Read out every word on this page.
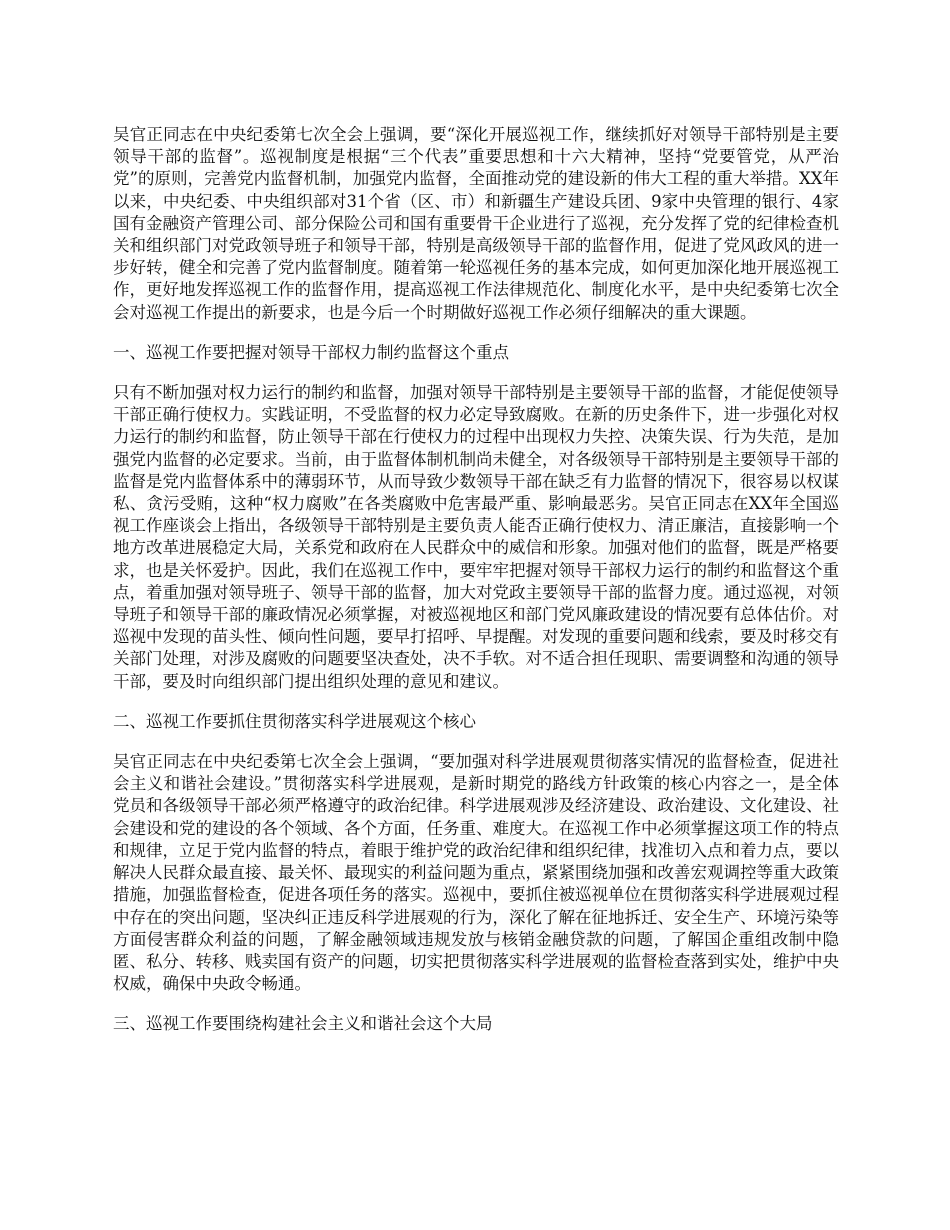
吴官正同志在中央纪委第七次全会上强调，要“深化开展巡视工作，继续抓好对领导干部特别是主要领导干部的监督”。巡视制度是根据“三个代表”重要思想和十六大精神，坚持“党要管党，从严治党”的原则，完善党内监督机制，加强党内监督，全面推动党的建设新的伟大工程的重大举措。XX年以来，中央纪委、中央组织部对31个省（区、市）和新疆生产建设兵团、9家中央管理的银行、4家国有金融资产管理公司、部分保险公司和国有重要骨干企业进行了巡视，充分发挥了党的纪律检查机关和组织部门对党政领导班子和领导干部，特别是高级领导干部的监督作用，促进了党风政风的进一步好转，健全和完善了党内监督制度。随着第一轮巡视任务的基本完成，如何更加深化地开展巡视工作，更好地发挥巡视工作的监督作用，提高巡视工作法律规范化、制度化水平，是中央纪委第七次全会对巡视工作提出的新要求，也是今后一个时期做好巡视工作必须仔细解决的重大课题。

一、巡视工作要把握对领导干部权力制约监督这个重点

只有不断加强对权力运行的制约和监督，加强对领导干部特别是主要领导干部的监督，才能促使领导干部正确行使权力。实践证明，不受监督的权力必定导致腐败。在新的历史条件下，进一步强化对权力运行的制约和监督，防止领导干部在行使权力的过程中出现权力失控、决策失误、行为失范，是加强党内监督的必定要求。当前，由于监督体制机制尚未健全，对各级领导干部特别是主要领导干部的监督是党内监督体系中的薄弱环节，从而导致少数领导干部在缺乏有力监督的情况下，很容易以权谋私、贪污受贿，这种“权力腐败”在各类腐败中危害最严重、影响最恶劣。吴官正同志在XX年全国巡视工作座谈会上指出，各级领导干部特别是主要负责人能否正确行使权力、清正廉洁，直接影响一个地方改革进展稳定大局，关系党和政府在人民群众中的威信和形象。加强对他们的监督，既是严格要求，也是关怀爱护。因此，我们在巡视工作中，要牢牢把握对领导干部权力运行的制约和监督这个重点，着重加强对领导班子、领导干部的监督，加大对党政主要领导干部的监督力度。通过巡视，对领导班子和领导干部的廉政情况必须掌握，对被巡视地区和部门党风廉政建设的情况要有总体估价。对巡视中发现的苗头性、倾向性问题，要早打招呼、早提醒。对发现的重要问题和线索，要及时移交有关部门处理，对涉及腐败的问题要坚决查处，决不手软。对不适合担任现职、需要调整和沟通的领导干部，要及时向组织部门提出组织处理的意见和建议。

二、巡视工作要抓住贯彻落实科学进展观这个核心

吴官正同志在中央纪委第七次全会上强调，“要加强对科学进展观贯彻落实情况的监督检查，促进社会主义和谐社会建设。”贯彻落实科学进展观，是新时期党的路线方针政策的核心内容之一，是全体党员和各级领导干部必须严格遵守的政治纪律。科学进展观涉及经济建设、政治建设、文化建设、社会建设和党的建设的各个领域、各个方面，任务重、难度大。在巡视工作中必须掌握这项工作的特点和规律，立足于党内监督的特点，着眼于维护党的政治纪律和组织纪律，找准切入点和着力点，要以解决人民群众最直接、最关怀、最现实的利益问题为重点，紧紧围绕加强和改善宏观调控等重大政策措施，加强监督检查，促进各项任务的落实。巡视中，要抓住被巡视单位在贯彻落实科学进展观过程中存在的突出问题，坚决纠正违反科学进展观的行为，深化了解在征地拆迁、安全生产、环境污染等方面侵害群众利益的问题，了解金融领域违规发放与核销金融贷款的问题，了解国企重组改制中隐匿、私分、转移、贱卖国有资产的问题，切实把贯彻落实科学进展观的监督检查落到实处，维护中央权威，确保中央政令畅通。

三、巡视工作要围绕构建社会主义和谐社会这个大局
